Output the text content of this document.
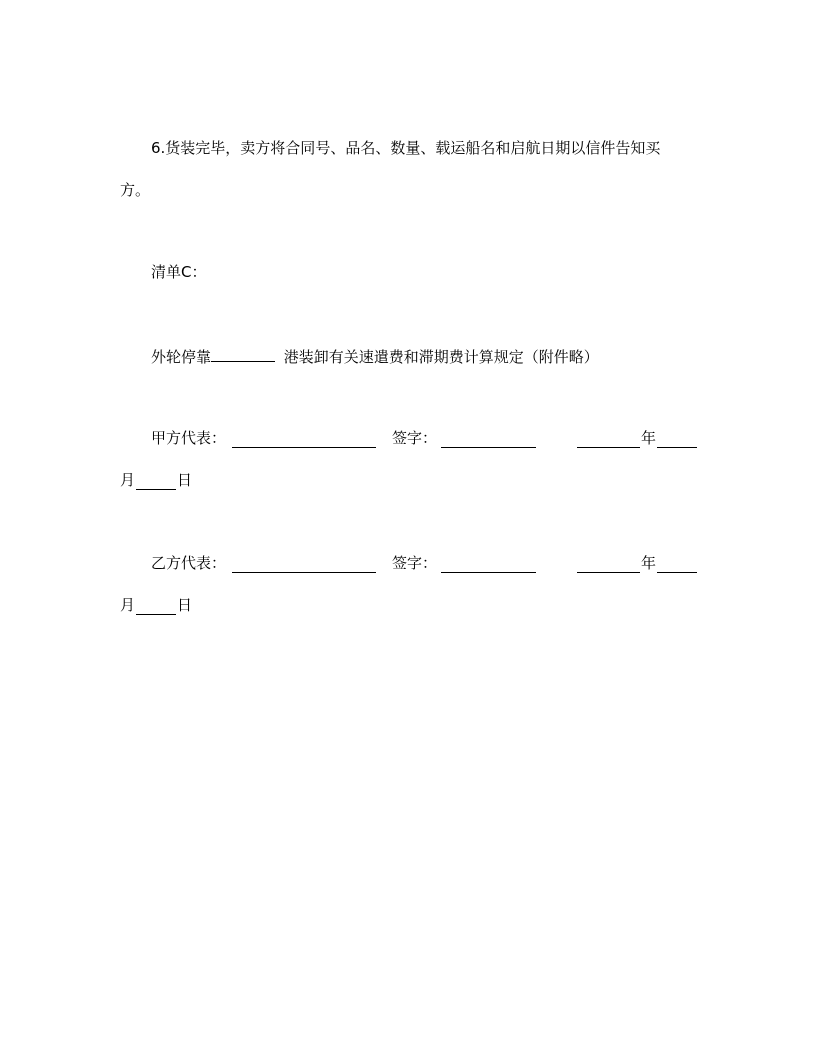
6.货装完毕，卖方将合同号、品名、数量、载运船名和启航日期以信件告知买
方。
清单C：
外轮停靠	港装卸有关速遣费和滞期费计算规定（附件略）
甲方代表：	签字：	年
月	日
乙方代表：	签字：	年
月	日
